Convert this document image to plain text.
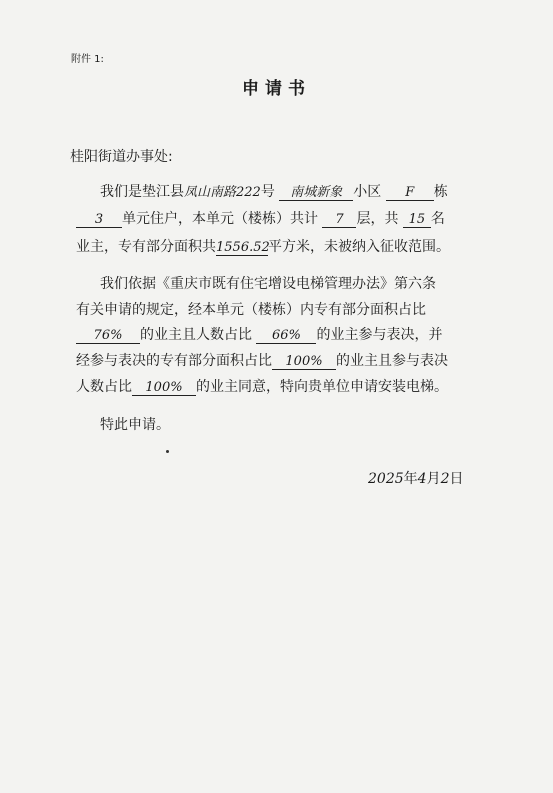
附件 1:
申请书
桂阳街道办事处:
我们是垫江县凤山南路222号 南城新象 小区 F 栋
3 单元住户，本单元（楼栋）共计 7 层，共 15 名
业主，专有部分面积共1556.52平方米，未被纳入征收范围。
我们依据《重庆市既有住宅增设电梯管理办法》第六条
有关申请的规定，经本单元（楼栋）内专有部分面积占比
76% 的业主且人数占比 66% 的业主参与表决，并
经参与表决的专有部分面积占比 100% 的业主且参与表决
人数占比 100% 的业主同意，特向贵单位申请安装电梯。
特此申请。
2025年4月2日
